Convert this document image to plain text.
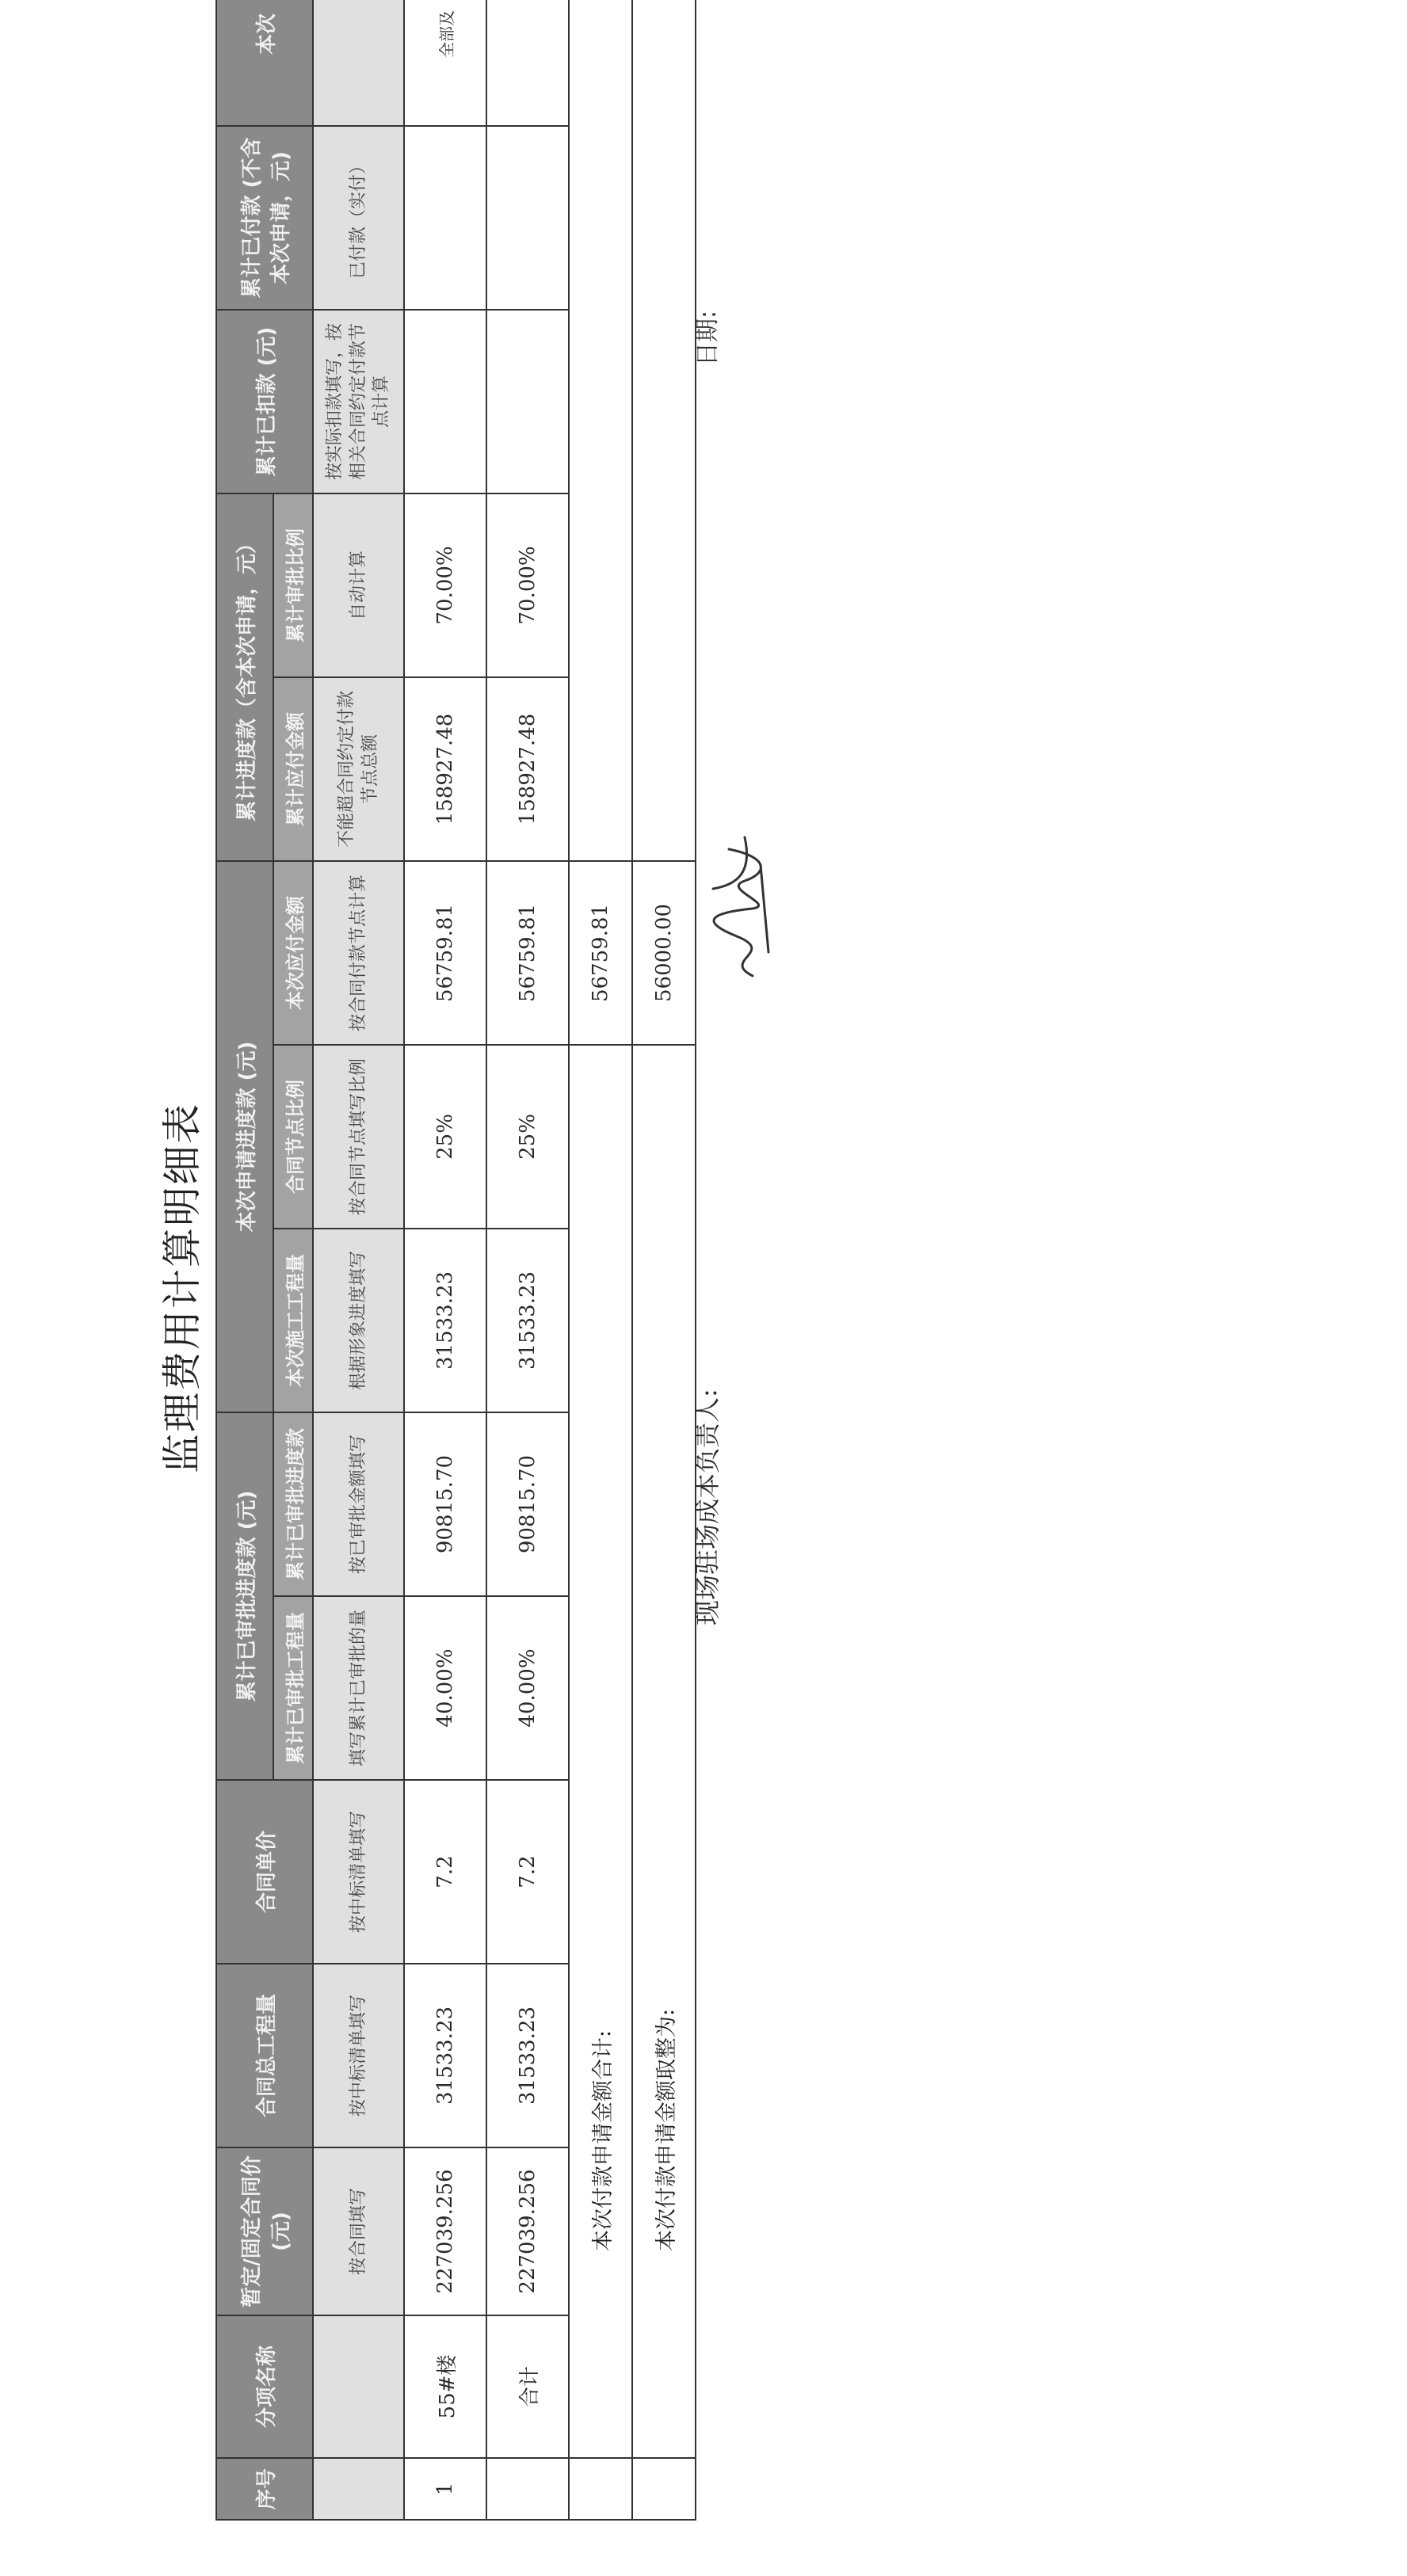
监理费用计算明细表
序号	分项名称	暂定/固定合同价 (元)	合同总工程量	合同单价	累计已审批进度款 (元)		本次申请进度款 (元)			累计进度款（含本次申请，元）		累计已扣款 (元)	累计已付款 (不含本次申请，元)	本次
					累计已审批工程量	累计已审批进度款	本次施工工程量	合同节点比例	本次应付金额	累计应付金额	累计审批比例			
		按合同填写	按中标清单填写	按中标清单填写	填写累计已审批的量	按已审批金额填写	根据形象进度填写	按合同节点填写比例	按合同付款节点计算	不能超合同约定付款节点总额	自动计算	按实际扣款填写，按相关合同约定付款节点计算	已付款（实付）	
1	55#楼	227039.256	31533.23	7.2	40.00%	90815.70	31533.23	25%	56759.81	158927.48	70.00%			全部及
	合计	227039.256	31533.23	7.2	40.00%	90815.70	31533.23	25%	56759.81	158927.48	70.00%			
	本次付款申请金额合计:								56759.81					
	本次付款申请金额取整为:								56000.00					
现场驻场成本负责人:
日期:
